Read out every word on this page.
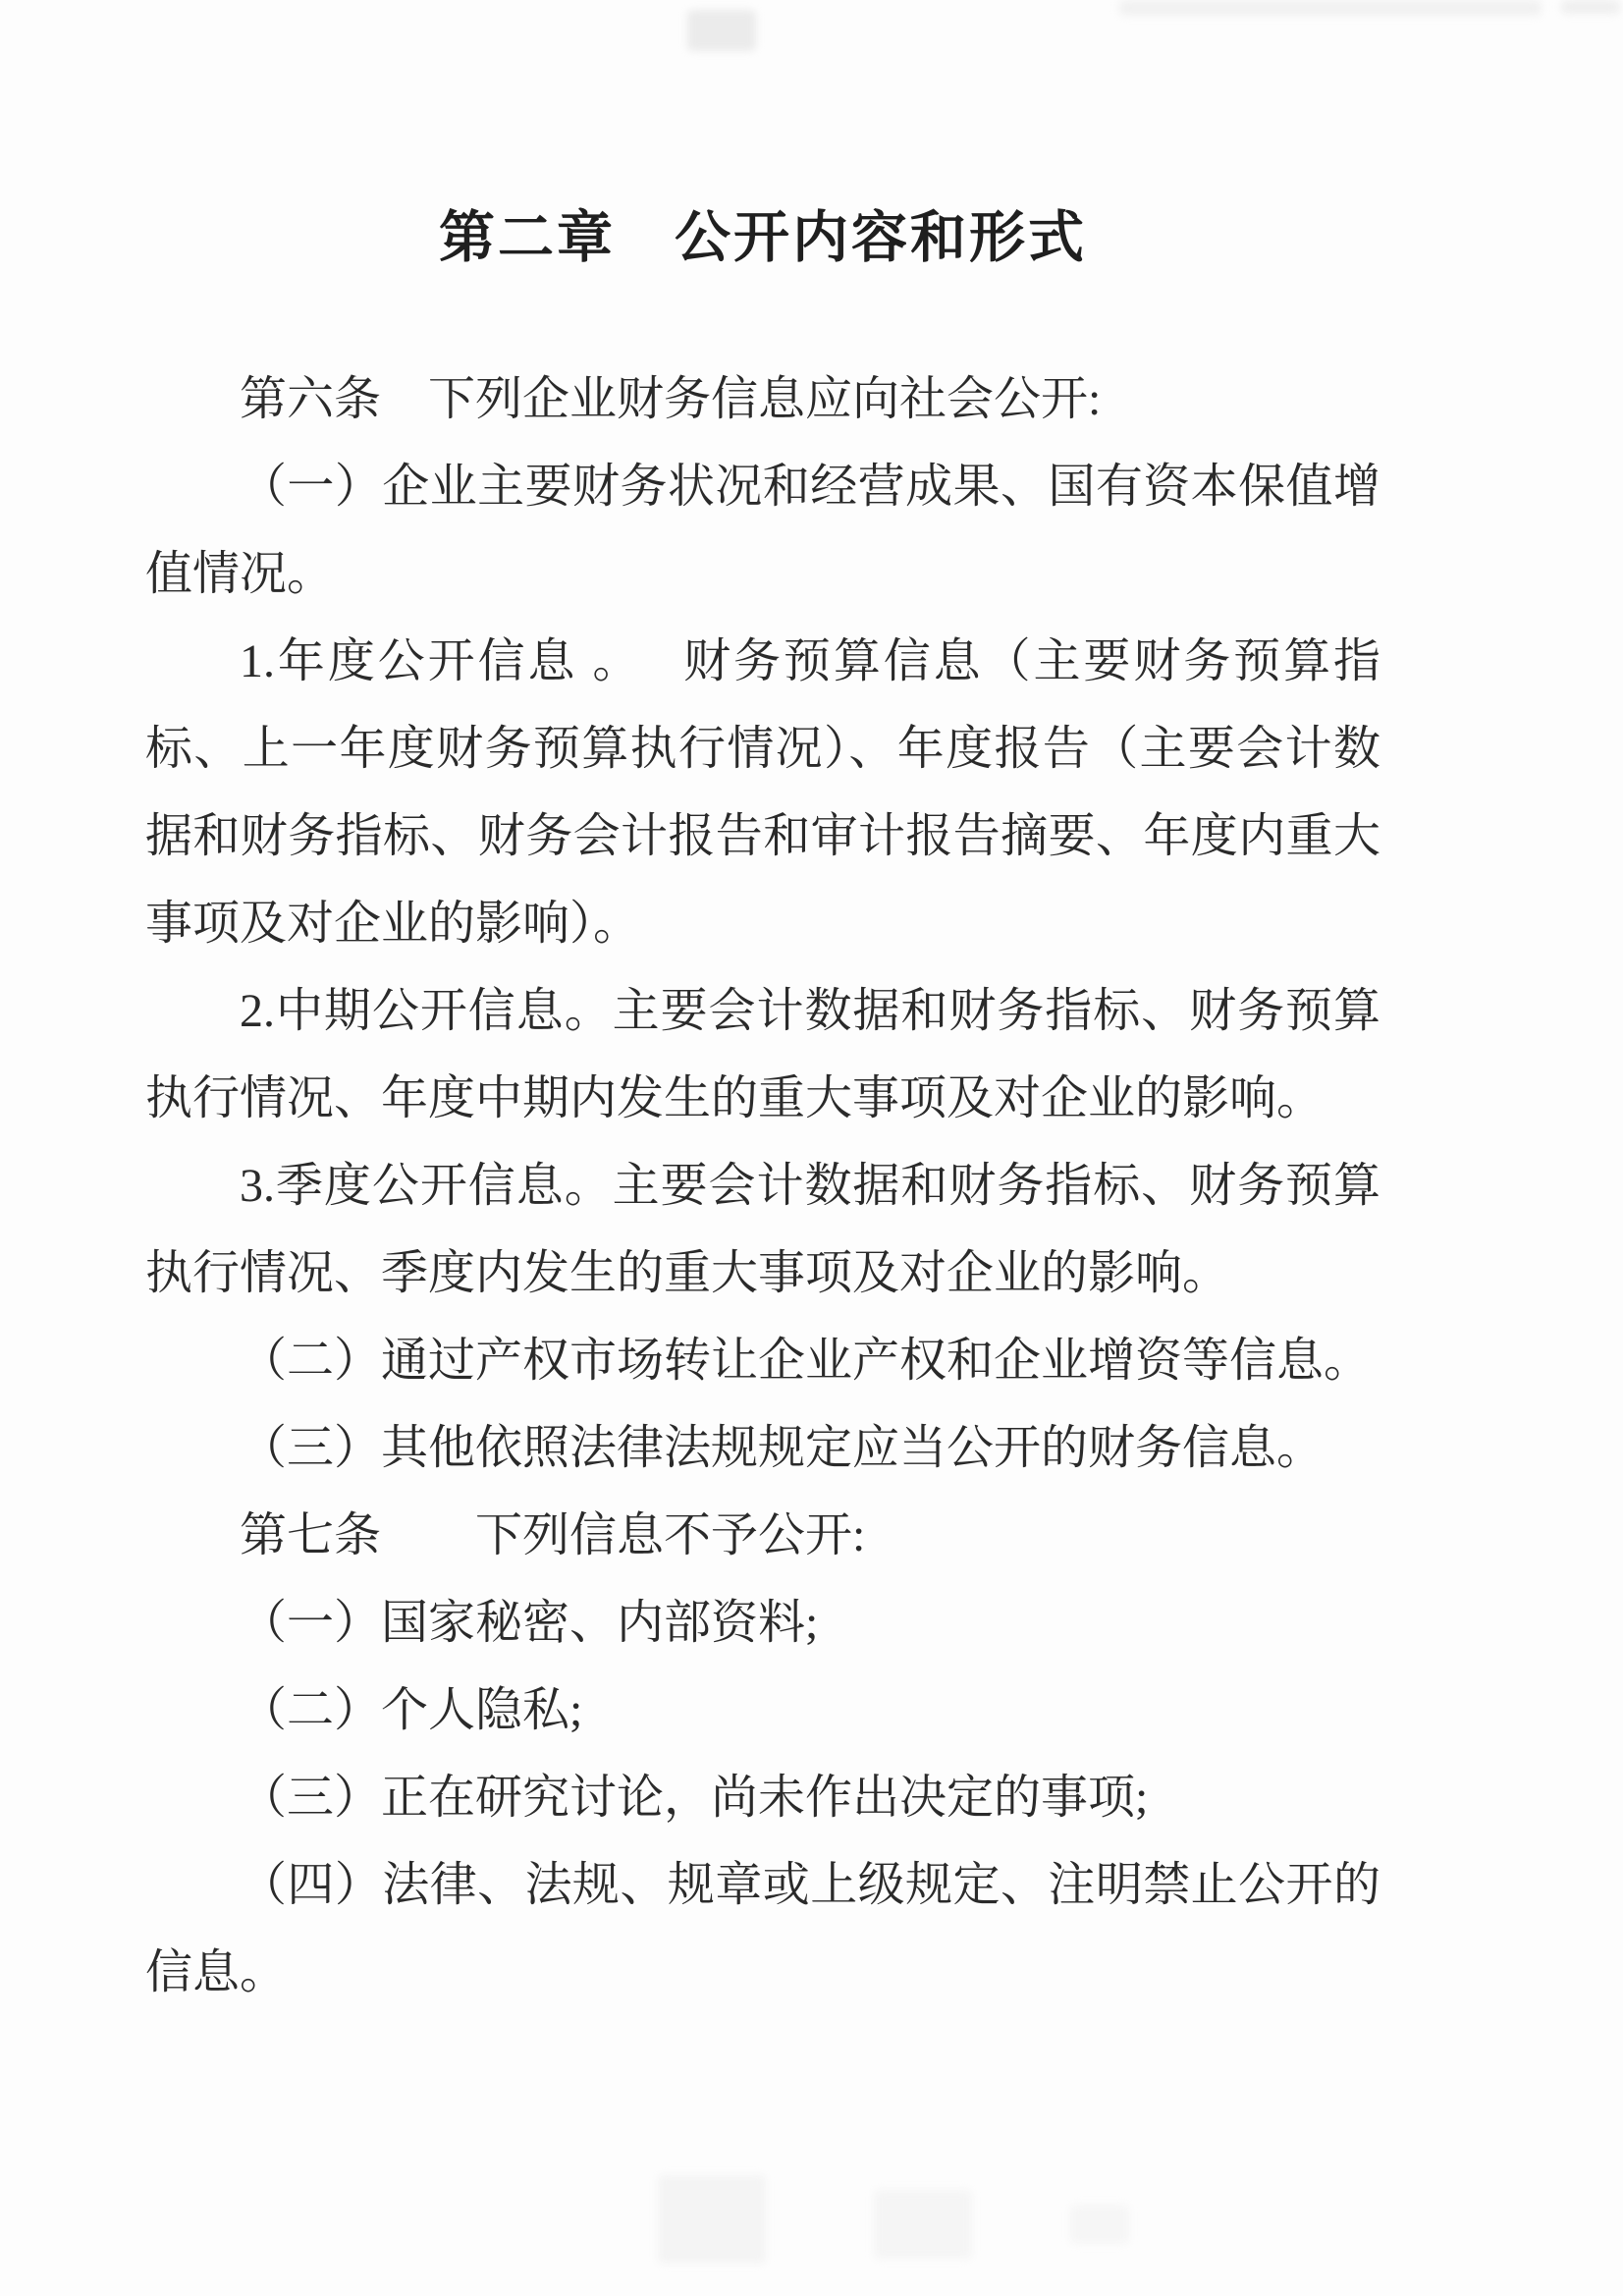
第二章　公开内容和形式

第六条　下列企业财务信息应向社会公开:

（一）企业主要财务状况和经营成果、国有资本保值增值情况。

1.年度公开信息 。　 财务预算信息（主要财务预算指标、上一年度财务预算执行情况）、年度报告（主要会计数据和财务指标、财务会计报告和审计报告摘要、年度内重大事项及对企业的影响）。

2.中期公开信息。主要会计数据和财务指标、财务预算执行情况、年度中期内发生的重大事项及对企业的影响。

3.季度公开信息。主要会计数据和财务指标、财务预算执行情况、季度内发生的重大事项及对企业的影响。

（二）通过产权市场转让企业产权和企业增资等信息。

（三）其他依照法律法规规定应当公开的财务信息。

第七条　　下列信息不予公开:

（一）国家秘密、内部资料;

（二）个人隐私;

（三）正在研究讨论，尚未作出决定的事项;

（四）法律、法规、规章或上级规定、注明禁止公开的信息。
